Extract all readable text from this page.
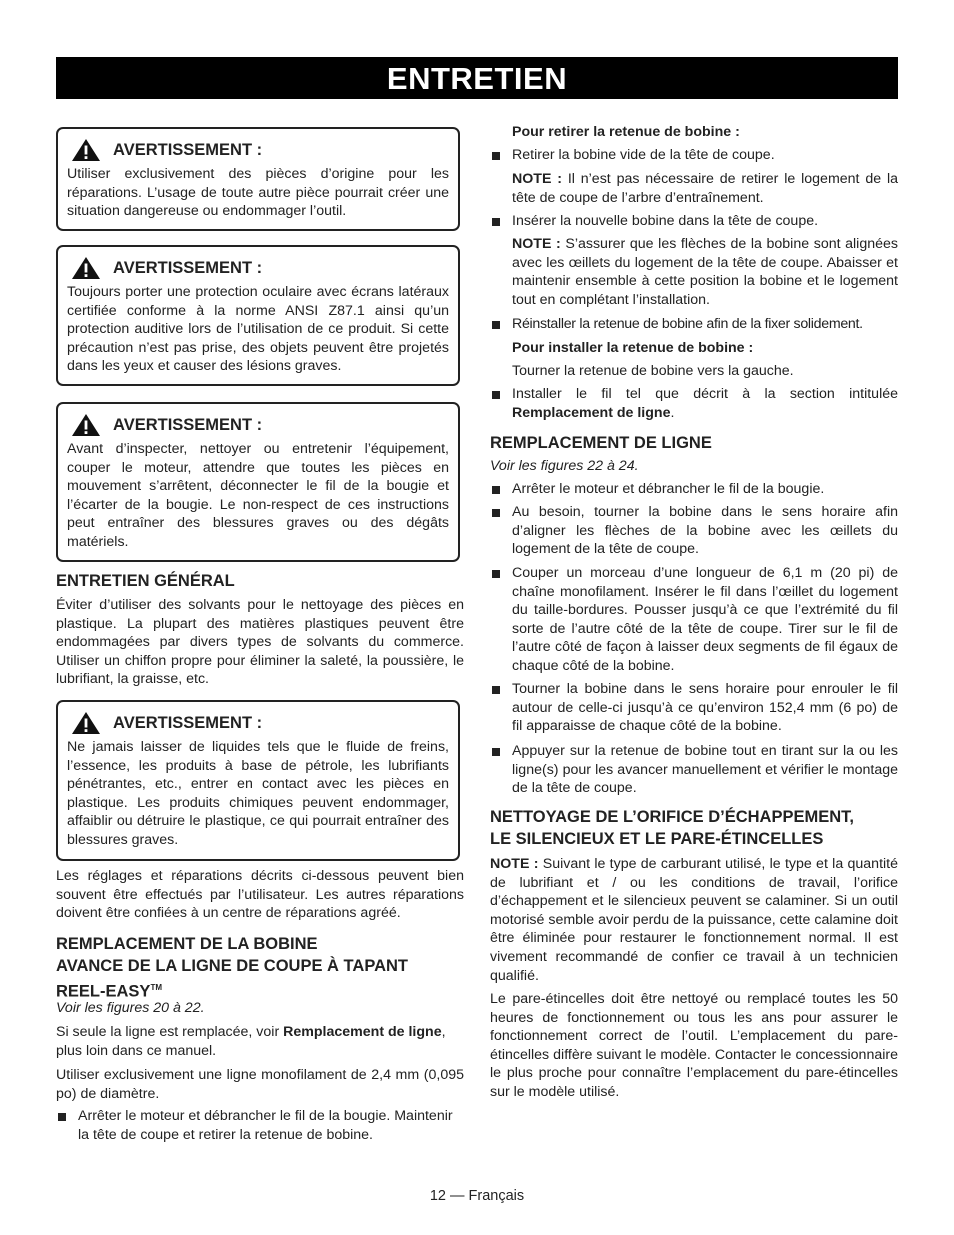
ENTRETIEN
AVERTISSEMENT :

Utiliser exclusivement des pièces d’origine pour les réparations. L’usage de toute autre pièce pourrait créer une situation dangereuse ou endommager l’outil.

AVERTISSEMENT :

Toujours porter une protection oculaire avec écrans latéraux certifiée conforme à la norme ANSI Z87.1 ainsi qu’un protection auditive lors de l’utilisation de ce produit. Si cette précaution n’est pas prise, des objets peuvent être projetés dans les yeux et causer des lésions graves.

AVERTISSEMENT :

Avant d’inspecter, nettoyer ou entretenir l’équipement, couper le moteur, attendre que toutes les pièces en mouvement s’arrêtent, déconnecter le fil de la bougie et l’écarter de la bougie. Le non-respect de ces instructions peut entraîner des blessures graves ou des dégâts matériels.

ENTRETIEN GÉNÉRAL

Éviter d’utiliser des solvants pour le nettoyage des pièces en plastique. La plupart des matières plastiques peuvent être endommagées par divers types de solvants du commerce. Utiliser un chiffon propre pour éliminer la saleté, la poussière, le lubrifiant, la graisse, etc.

AVERTISSEMENT :

Ne jamais laisser de liquides tels que le fluide de freins, l’essence, les produits à base de pétrole, les lubrifiants pénétrantes, etc., entrer en contact avec les pièces en plastique. Les produits chimiques peuvent endommager, affaiblir ou détruire le plastique, ce qui pourrait entraîner des blessures graves.

Les réglages et réparations décrits ci-dessous peuvent bien souvent être effectués par l’utilisateur. Les autres réparations doivent être confiées à un centre de réparations agréé.

REMPLACEMENT DE LA BOBINE
AVANCE DE LA LIGNE DE COUPE À TAPANT
REEL-EASY™

Voir les figures 20 à 22.

Si seule la ligne est remplacée, voir Remplacement de ligne, plus loin dans ce manuel.

Utiliser exclusivement une ligne monofilament de 2,4 mm (0,095 po) de diamètre.

Arrêter le moteur et débrancher le fil de la bougie. Maintenir la tête de coupe et retirer la retenue de bobine.

Pour retirer la retenue de bobine :

Retirer la bobine vide de la tête de coupe.

NOTE : Il n’est pas nécessaire de retirer le logement de la tête de coupe de l’arbre d’entraînement.

Insérer la nouvelle bobine dans la tête de coupe.

NOTE : S’assurer que les flèches de la bobine sont alignées avec les œillets du logement de la tête de coupe. Abaisser et maintenir ensemble à cette position la bobine et le logement tout en complétant l’installation.

Réinstaller la retenue de bobine afin de la fixer solidement.

Pour installer la retenue de bobine :

Tourner la retenue de bobine vers la gauche.

Installer le fil tel que décrit à la section intitulée Remplacement de ligne.
REMPLACEMENT DE LIGNE

Voir les figures 22 à 24.

Arrêter le moteur et débrancher le fil de la bougie.
Au besoin, tourner la bobine dans le sens horaire afin d’aligner les flèches de la bobine avec les œillets du logement de la tête de coupe.
Couper un morceau d’une longueur de 6,1 m (20 pi) de chaîne monofilament. Insérer le fil dans l’œillet du logement du taille-bordures. Pousser jusqu’à ce que l’extrémité du fil sorte de l’autre côté de la tête de coupe. Tirer sur le fil de l’autre côté de façon à laisser deux segments de fil égaux de chaque côté de la bobine.
Tourner la bobine dans le sens horaire pour enrouler le fil autour de celle-ci jusqu’à ce qu’environ 152,4 mm (6 po) de fil apparaisse de chaque côté de la bobine.
Appuyer sur la retenue de bobine tout en tirant sur la ou les ligne(s) pour les avancer manuellement et vérifier le montage de la tête de coupe.
NETTOYAGE DE L’ORIFICE D’ÉCHAPPEMENT,
LE SILENCIEUX ET LE PARE-ÉTINCELLES

NOTE : Suivant le type de carburant utilisé, le type et la quantité de lubrifiant et / ou les conditions de travail, l’orifice d’échappement et le silencieux peuvent se calaminer. Si un outil motorisé semble avoir perdu de la puissance, cette calamine doit être éliminée pour restaurer le fonctionnement normal. Il est vivement recommandé de confier ce travail à un technicien qualifié.

Le pare-étincelles doit être nettoyé ou remplacé toutes les 50 heures de fonctionnement ou tous les ans pour assurer le fonctionnement correct de l’outil. L’emplacement du pare-étincelles diffère suivant le modèle. Contacter le concessionnaire le plus proche pour connaître l’emplacement du pare-étincelles sur le modèle utilisé.

12 — Français
